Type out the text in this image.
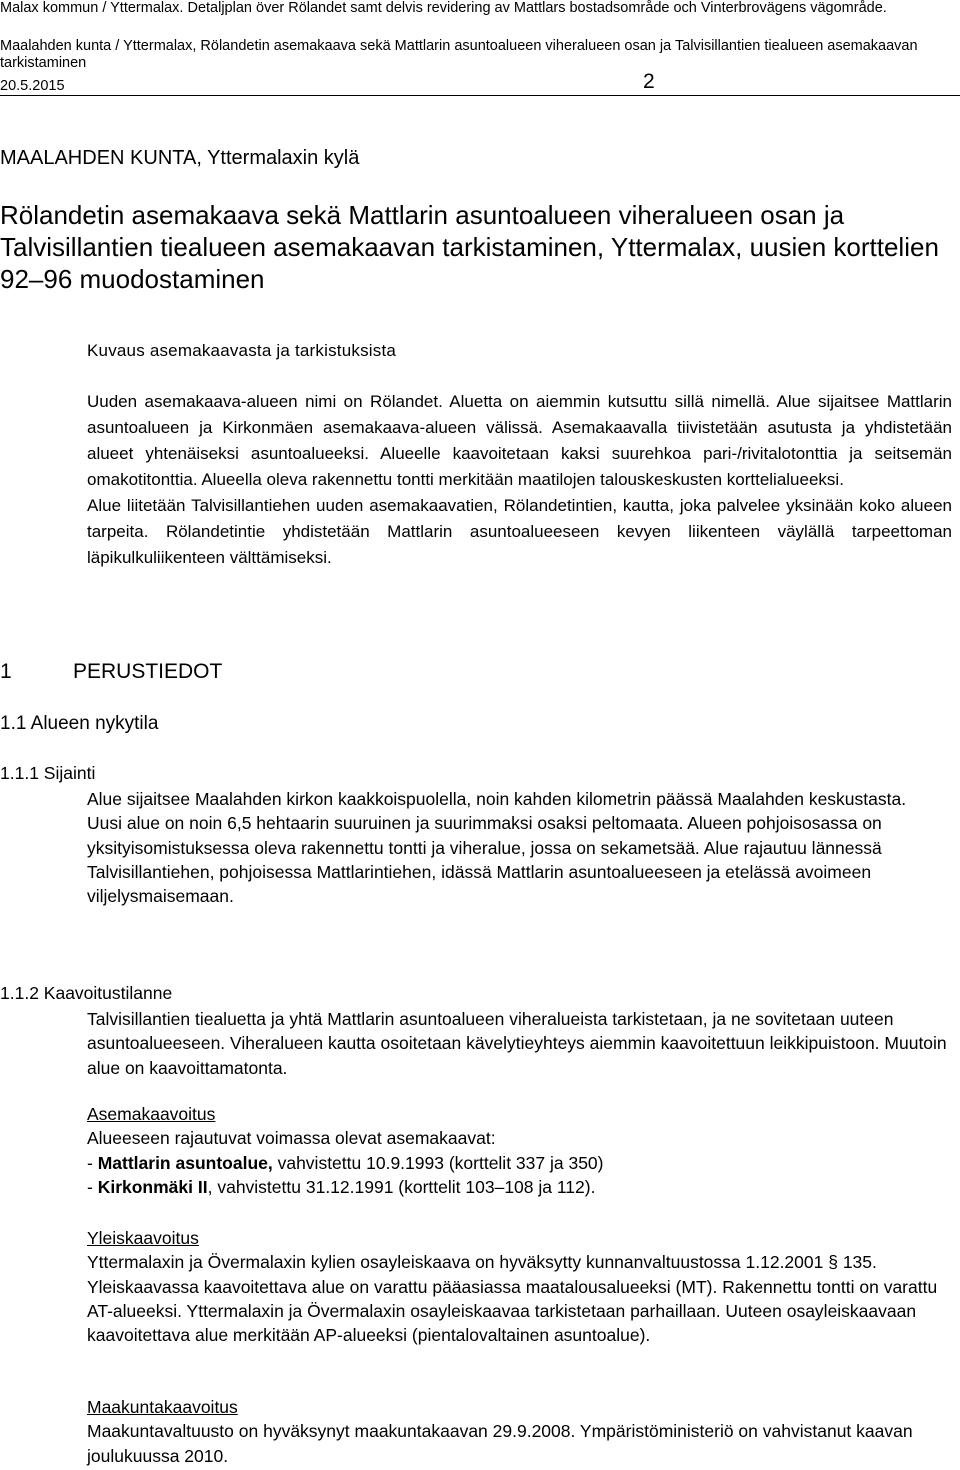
Malax kommun / Yttermalax. Detaljplan över Rölandet samt delvis revidering av Mattlars bostadsområde och Vinterbrovägens vägområde.
Maalahden kunta / Yttermalax, Rölandetin asemakaava sekä Mattlarin asuntoalueen viheralueen osan ja Talvisillantien tiealueen asemakaavan tarkistaminen
20.5.2015	2
MAALAHDEN KUNTA, Yttermalaxin kylä
Rölandetin asemakaava sekä Mattlarin asuntoalueen viheralueen osan ja Talvisillantien tiealueen asemakaavan tarkistaminen, Yttermalax, uusien korttelien 92–96 muodostaminen
Kuvaus asemakaavasta ja tarkistuksista

Uuden asemakaava-alueen nimi on Rölandet. Aluetta on aiemmin kutsuttu sillä nimellä. Alue sijaitsee Mattlarin asuntoalueen ja Kirkonmäen asemakaava-alueen välissä. Asemakaavalla tiivistetään asutusta ja yhdistetään alueet yhtenäiseksi asuntoalueeksi. Alueelle kaavoitetaan kaksi suurehkoa pari-/rivitalotonttia ja seitsemän omakotitonttia. Alueella oleva rakennettu tontti merkitään maatilojen talouskeskusten korttelialueeksi.

Alue liitetään Talvisillantiehen uuden asemakaavatien, Rölandetintien, kautta, joka palvelee yksinään koko alueen tarpeita. Rölandetintie yhdistetään Mattlarin asuntoalueeseen kevyen liikenteen väylällä tarpeettoman läpikulkuliikenteen välttämiseksi.

1	PERUSTIEDOT
1.1 Alueen nykytila
1.1.1 Sijainti

Alue sijaitsee Maalahden kirkon kaakkoispuolella, noin kahden kilometrin päässä Maalahden keskustasta.

Uusi alue on noin 6,5 hehtaarin suuruinen ja suurimmaksi osaksi peltomaata. Alueen pohjoisosassa on yksityisomistuksessa oleva rakennettu tontti ja viheralue, jossa on sekametsää. Alue rajautuu lännessä Talvisillantiehen, pohjoisessa Mattlarintiehen, idässä Mattlarin asuntoalueeseen ja etelässä avoimeen viljelysmaisemaan.

1.1.2 Kaavoitustilanne

Talvisillantien tiealuetta ja yhtä Mattlarin asuntoalueen viheralueista tarkistetaan, ja ne sovitetaan uuteen asuntoalueeseen. Viheralueen kautta osoitetaan kävelytieyhteys aiemmin kaavoitettuun leikkipuistoon. Muutoin alue on kaavoittamatonta.

Asemakaavoitus

Alueeseen rajautuvat voimassa olevat asemakaavat:

- Mattlarin asuntoalue, vahvistettu 10.9.1993 (korttelit 337 ja 350)

- Kirkonmäki II, vahvistettu 31.12.1991 (korttelit 103–108 ja 112).

Yleiskaavoitus

Yttermalaxin ja Övermalaxin kylien osayleiskaava on hyväksytty kunnanvaltuustossa 1.12.2001 § 135. Yleiskaavassa kaavoitettava alue on varattu pääasiassa maatalousalueeksi (MT). Rakennettu tontti on varattu AT-alueeksi. Yttermalaxin ja Övermalaxin osayleiskaavaa tarkistetaan parhaillaan. Uuteen osayleiskaavaan kaavoitettava alue merkitään AP-alueeksi (pientalovaltainen asuntoalue).

Maakuntakaavoitus

Maakuntavaltuusto on hyväksynyt maakuntakaavan 29.9.2008. Ympäristöministeriö on vahvistanut kaavan joulukuussa 2010.
